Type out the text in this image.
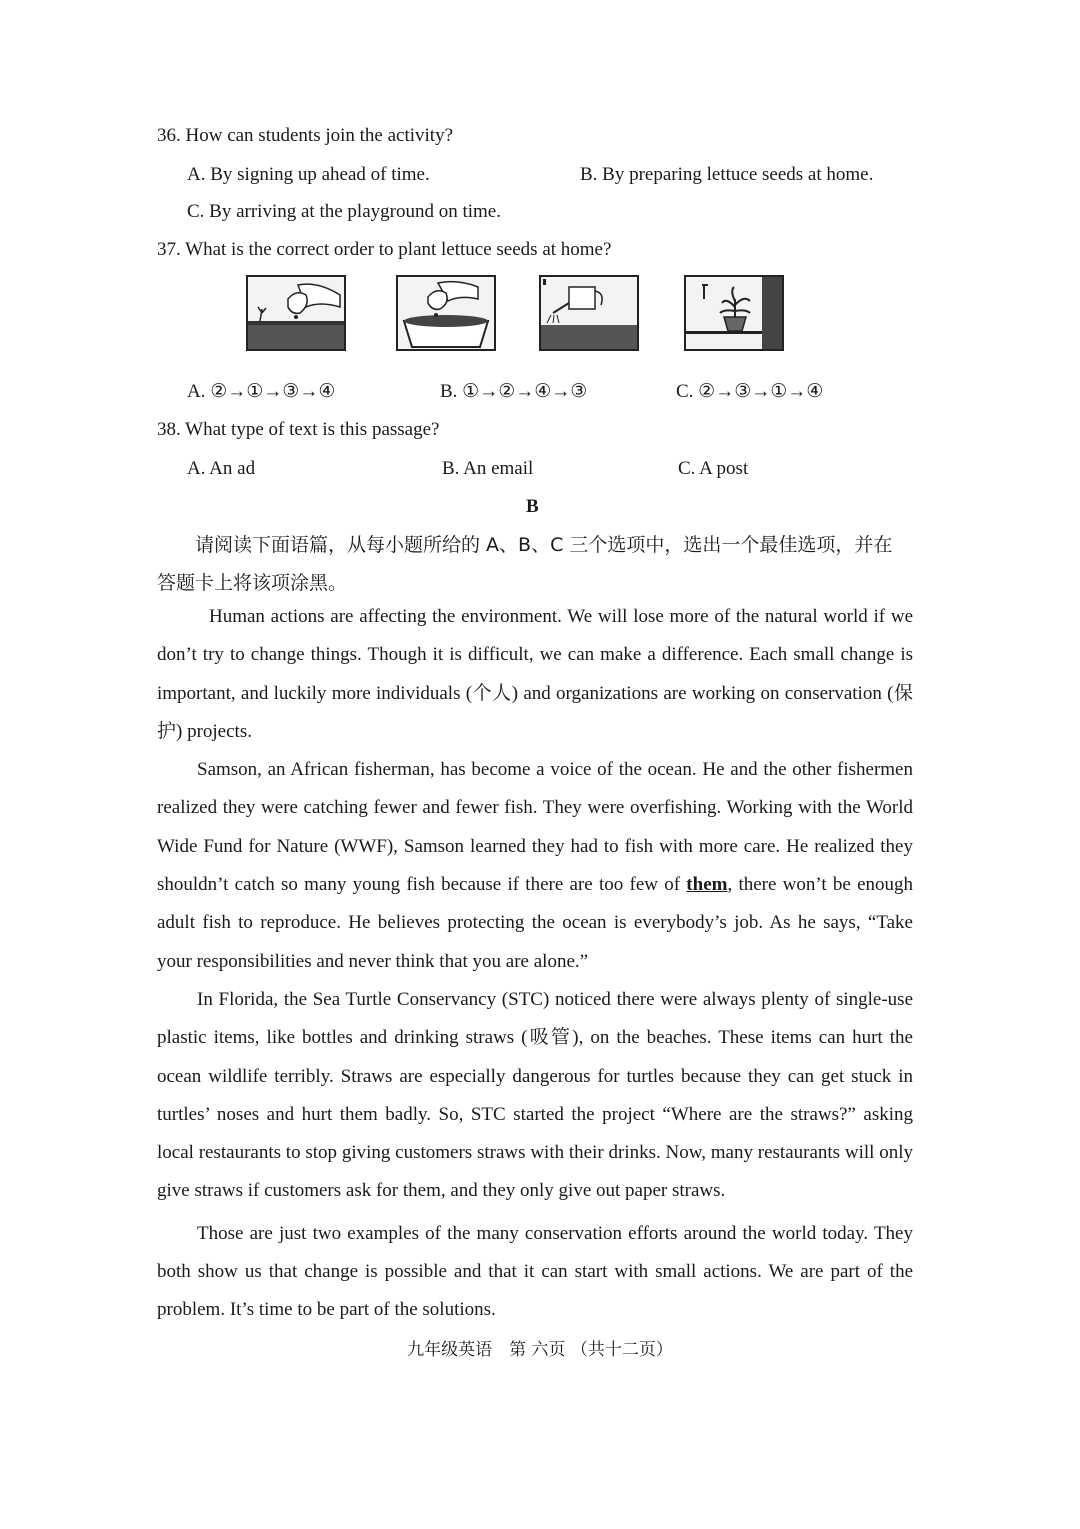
36. How can students join the activity?
A. By signing up ahead of time.	B. By preparing lettuce seeds at home.
C. By arriving at the playground on time.
37. What is the correct order to plant lettuce seeds at home?
A. ②→①→③→④	B. ①→②→④→③	C. ②→③→①→④
38. What type of text is this passage?
A. An ad	B. An email	C. A post
B
请阅读下面语篇，从每小题所给的 A、B、C 三个选项中，选出一个最佳选项，并在
答题卡上将该项涂黑。

Human actions are affecting the environment. We will lose more of the natural world if we don’t try to change things. Though it is difficult, we can make a difference. Each small change is important, and luckily more individuals (个人) and organizations are working on conservation (保护) projects.

Samson, an African fisherman, has become a voice of the ocean. He and the other fishermen realized they were catching fewer and fewer fish. They were overfishing. Working with the World Wide Fund for Nature (WWF), Samson learned they had to fish with more care. He realized they shouldn’t catch so many young fish because if there are too few of them, there won’t be enough adult fish to reproduce. He believes protecting the ocean is everybody’s job. As he says, “Take your responsibilities and never think that you are alone.”

In Florida, the Sea Turtle Conservancy (STC) noticed there were always plenty of single-use plastic items, like bottles and drinking straws (吸管), on the beaches. These items can hurt the ocean wildlife terribly. Straws are especially dangerous for turtles because they can get stuck in turtles’ noses and hurt them badly. So, STC started the project “Where are the straws?” asking local restaurants to stop giving customers straws with their drinks. Now, many restaurants will only give straws if customers ask for them, and they only give out paper straws.

Those are just two examples of the many conservation efforts around the world today. They both show us that change is possible and that it can start with small actions. We are part of the problem. It’s time to be part of the solutions.

九年级英语　第 六页 （共十二页）
